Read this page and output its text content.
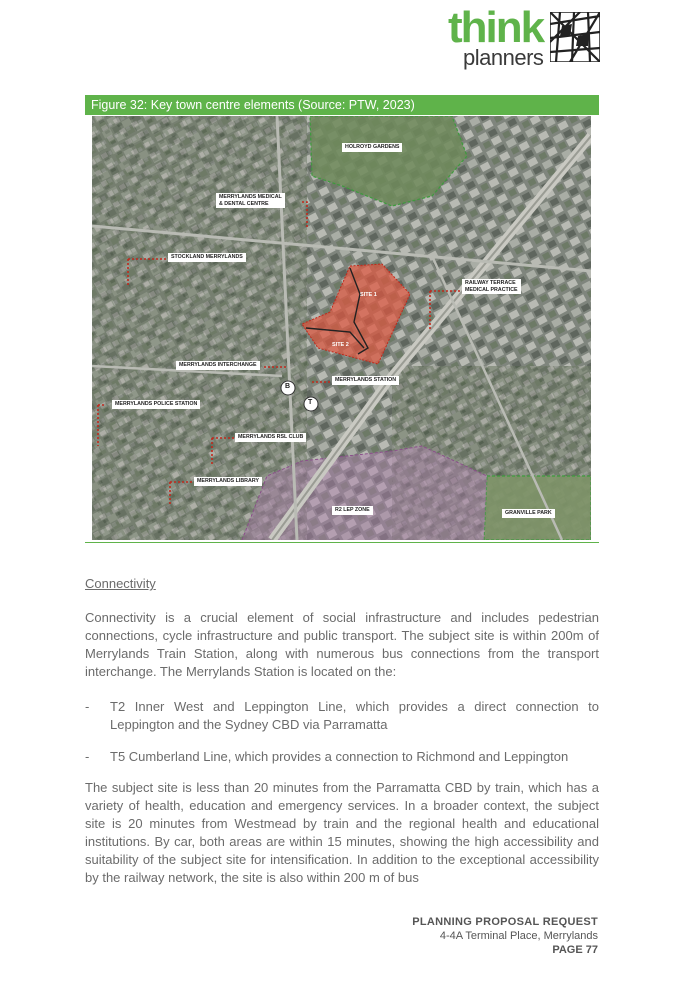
think
planners
Figure 32: Key town centre elements (Source: PTW, 2023)
B
T
HOLROYD GARDENS
MERRYLANDS MEDICAL
& DENTAL CENTRE
STOCKLAND MERRYLANDS
RAILWAY TERRACE
MEDICAL PRACTICE
SITE 1
SITE 2
MERRYLANDS INTERCHANGE
MERRYLANDS STATION
MERRYLANDS POLICE STATION
MERRYLANDS RSL CLUB
MERRYLANDS LIBRARY
R2 LEP ZONE	GRANVILLE PARK
Connectivity

Connectivity is a crucial element of social infrastructure and includes pedestrian connections, cycle infrastructure and public transport. The subject site is within 200m of Merrylands Train Station, along with numerous bus connections from the transport interchange. The Merrylands Station is located on the:

- T2 Inner West and Leppington Line, which provides a direct connection to Leppington and the Sydney CBD via Parramatta
- T5 Cumberland Line, which provides a connection to Richmond and Leppington

The subject site is less than 20 minutes from the Parramatta CBD by train, which has a variety of health, education and emergency services. In a broader context, the subject site is 20 minutes from Westmead by train and the regional health and educational institutions. By car, both areas are within 15 minutes, showing the high accessibility and suitability of the subject site for intensification. In addition to the exceptional accessibility by the railway network, the site is also within 200 m of bus

PLANNING PROPOSAL REQUEST
4-4A Terminal Place, Merrylands
PAGE 77
